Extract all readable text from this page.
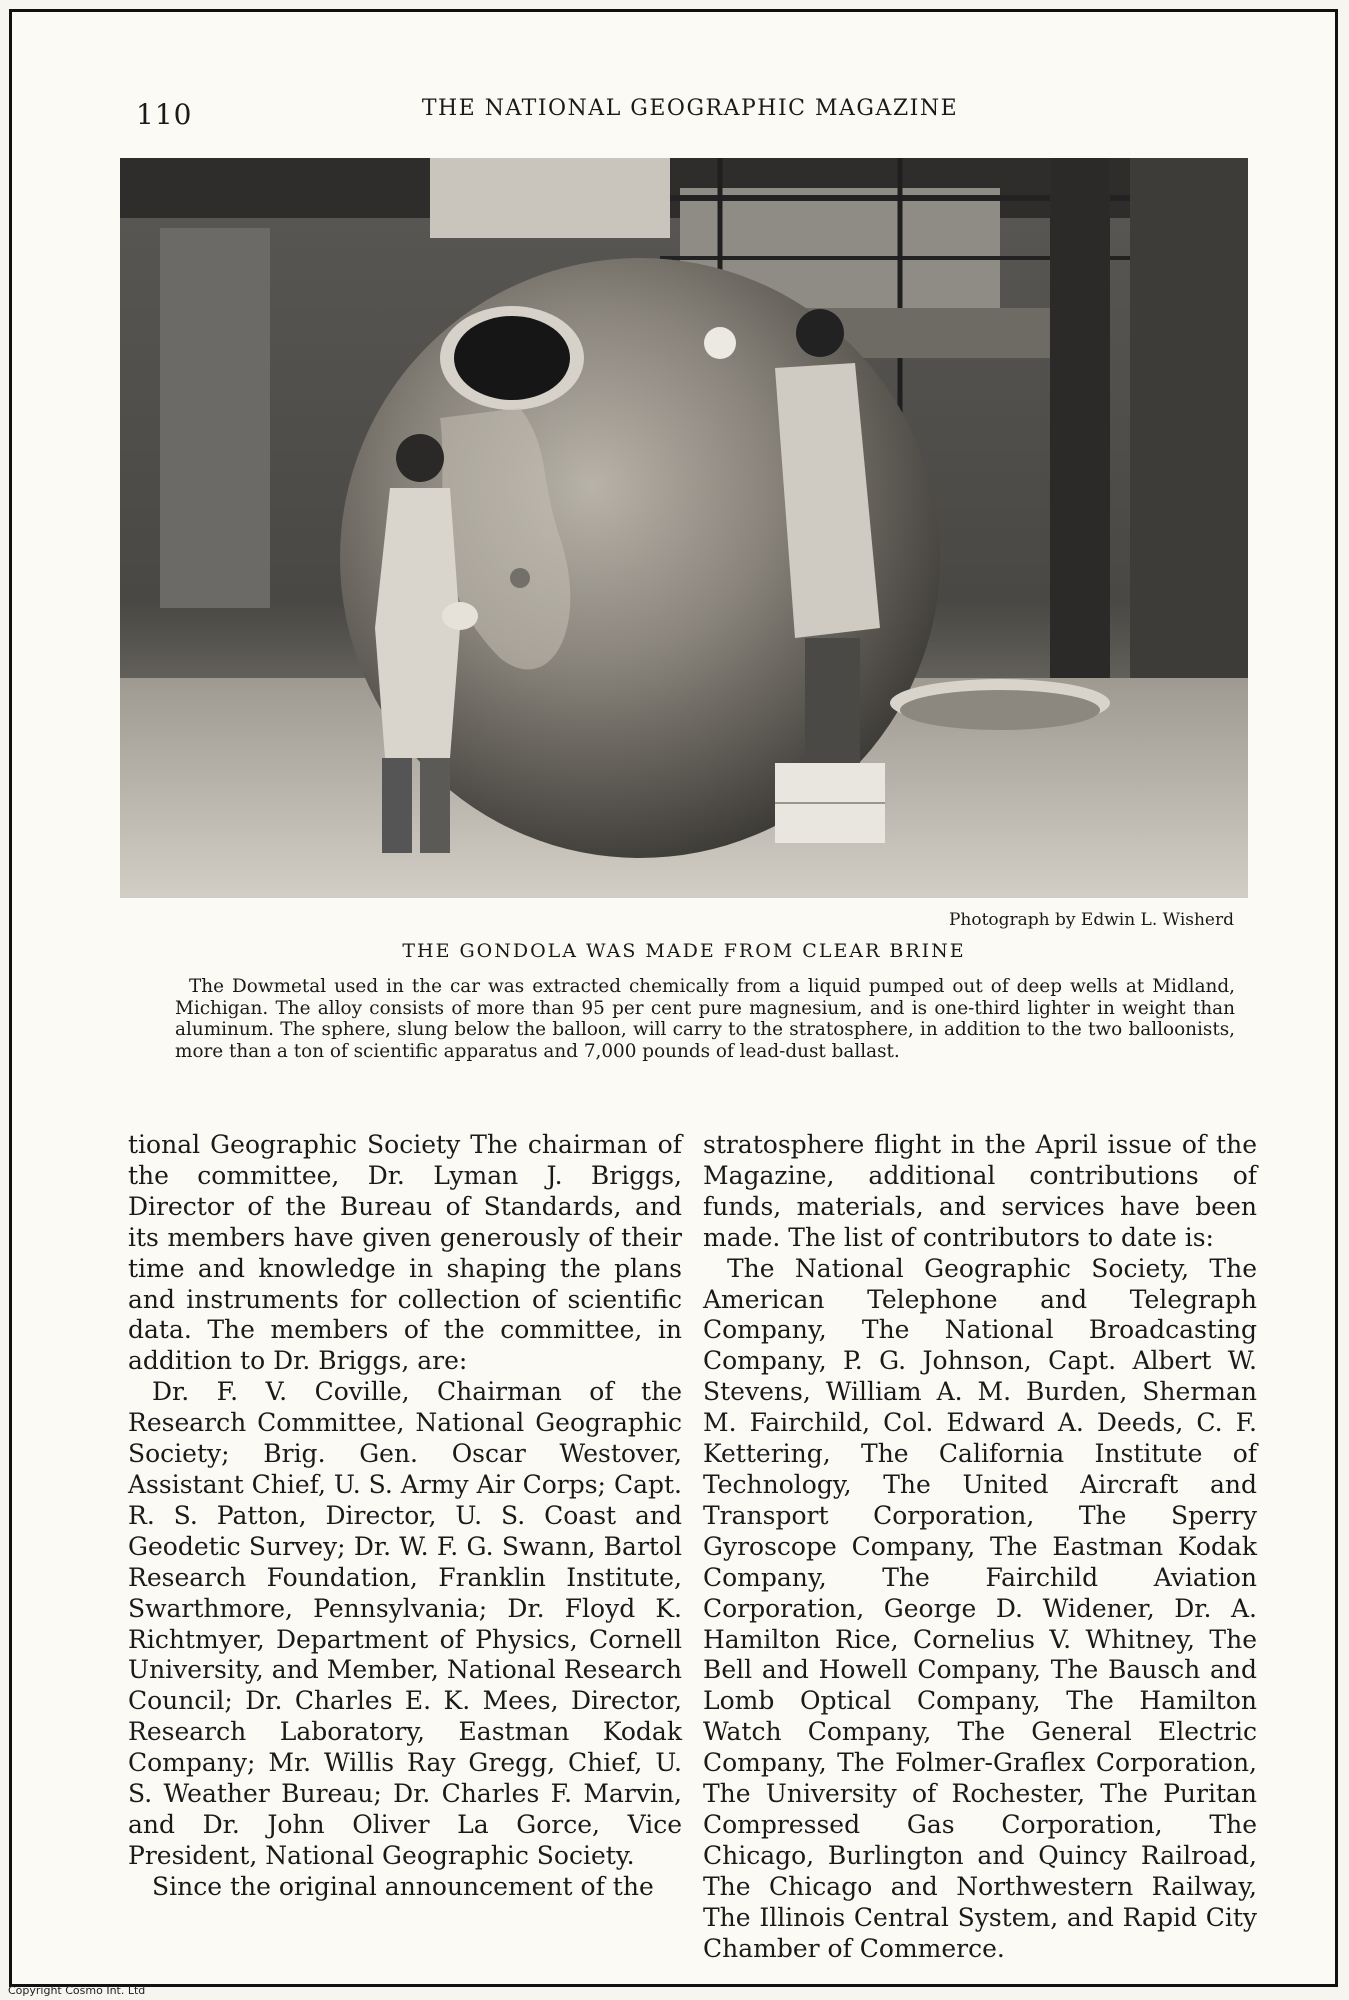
110	THE NATIONAL GEOGRAPHIC MAGAZINE
Photograph by Edwin L. Wisherd
THE GONDOLA WAS MADE FROM CLEAR BRINE
The Dowmetal used in the car was extracted chemically from a liquid pumped out of deep wells at Midland, Michigan. The alloy consists of more than 95 per cent pure magnesium, and is one-third lighter in weight than aluminum. The sphere, slung below the balloon, will carry to the stratosphere, in addition to the two balloonists, more than a ton of scientific apparatus and 7,000 pounds of lead-dust ballast.

tional Geographic Society The chairman of the committee, Dr. Lyman J. Briggs, Director of the Bureau of Standards, and its members have given generously of their time and knowledge in shaping the plans and instruments for collection of scientific data. The members of the committee, in addition to Dr. Briggs, are:

Dr. F. V. Coville, Chairman of the Research Committee, National Geographic Society; Brig. Gen. Oscar Westover, Assistant Chief, U. S. Army Air Corps; Capt. R. S. Patton, Director, U. S. Coast and Geodetic Survey; Dr. W. F. G. Swann, Bartol Research Foundation, Franklin Institute, Swarthmore, Pennsylvania; Dr. Floyd K. Richtmyer, Department of Physics, Cornell University, and Member, National Research Council; Dr. Charles E. K. Mees, Director, Research Laboratory, Eastman Kodak Company; Mr. Willis Ray Gregg, Chief, U. S. Weather Bureau; Dr. Charles F. Marvin, and Dr. John Oliver La Gorce, Vice President, National Geographic Society.

Since the original announcement of the

stratosphere flight in the April issue of the Magazine, additional contributions of funds, materials, and services have been made. The list of contributors to date is:

The National Geographic Society, The American Telephone and Telegraph Company, The National Broadcasting Company, P. G. Johnson, Capt. Albert W. Stevens, William A. M. Burden, Sherman M. Fairchild, Col. Edward A. Deeds, C. F. Kettering, The California Institute of Technology, The United Aircraft and Transport Corporation, The Sperry Gyroscope Company, The Eastman Kodak Company, The Fairchild Aviation Corporation, George D. Widener, Dr. A. Hamilton Rice, Cornelius V. Whitney, The Bell and Howell Company, The Bausch and Lomb Optical Company, The Hamilton Watch Company, The General Electric Company, The Folmer-Graflex Corporation, The University of Rochester, The Puritan Compressed Gas Corporation, The Chicago, Burlington and Quincy Railroad, The Chicago and Northwestern Railway, The Illinois Central System, and Rapid City Chamber of Commerce.

Copyright Cosmo Int. Ltd
